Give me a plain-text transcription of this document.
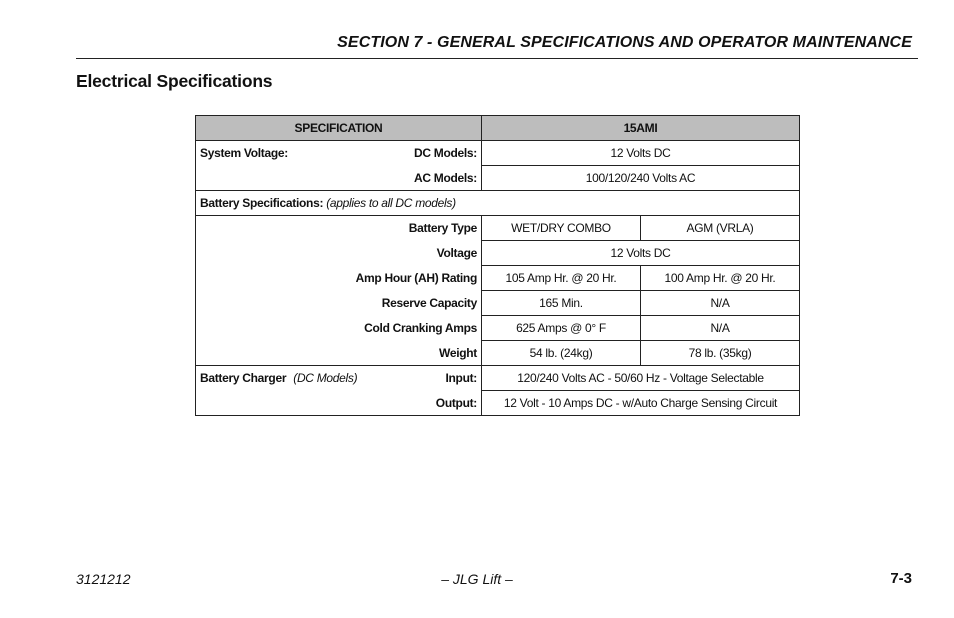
SECTION 7 - GENERAL SPECIFICATIONS AND OPERATOR MAINTENANCE
Electrical Specifications
SPECIFICATION	15AMI	

System Voltage: DC Models:	12 Volts DC	
AC Models:	100/120/240 Volts AC	
Battery Specifications: (applies to all DC models)		
Battery Type	WET/DRY COMBO	AGM (VRLA)
Voltage	12 Volts DC	
Amp Hour (AH) Rating	105 Amp Hr. @ 20 Hr.	100 Amp Hr. @ 20 Hr.
Reserve Capacity	165 Min.	N/A
Cold Cranking Amps	625 Amps @ 0° F	N/A
Weight	54 lb. (24kg)	78 lb. (35kg)

Battery Charger (DC Models) Input:	120/240 Volts AC - 50/60 Hz - Voltage Selectable	
Output:	12 Volt - 10 Amps DC - w/Auto Charge Sensing Circuit	
3121212	– JLG Lift –	7-3
